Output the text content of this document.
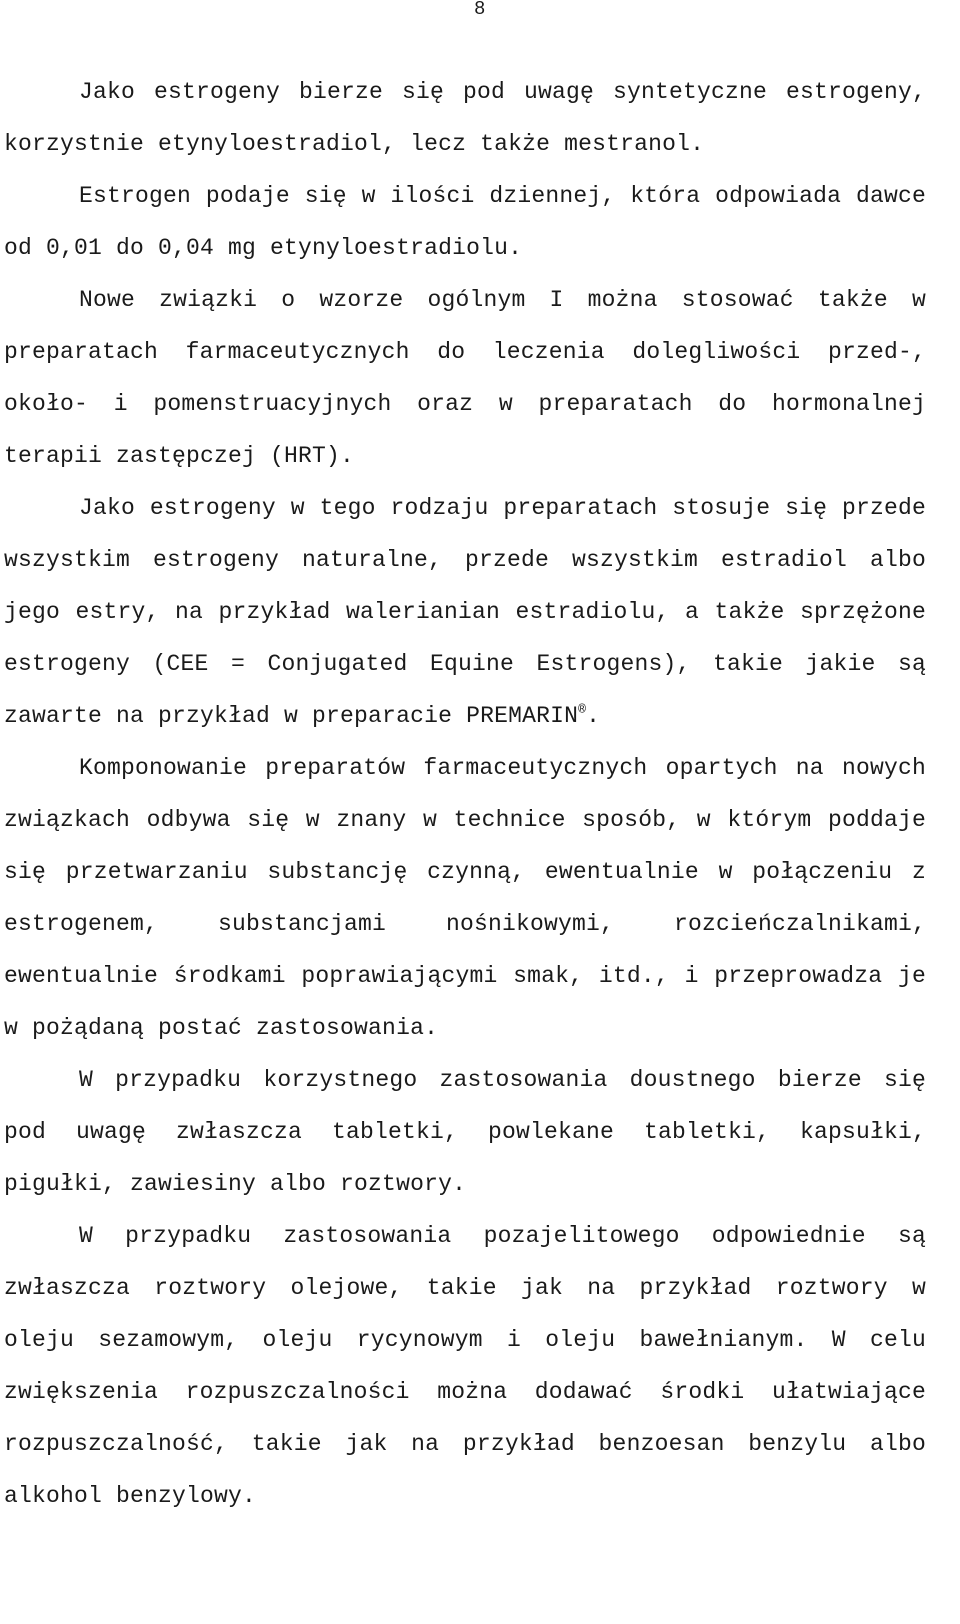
8

Jako estrogeny bierze się pod uwagę syntetyczne estrogeny, korzystnie etynyloestradiol, lecz także mestranol.

Estrogen podaje się w ilości dziennej, która odpowiada dawce od 0,01 do 0,04 mg etynyloestradiolu.

Nowe związki o wzorze ogólnym I można stosować także w preparatach farmaceutycznych do leczenia dolegliwości przed-, około- i pomenstruacyjnych oraz w preparatach do hormonalnej terapii zastępczej (HRT).

Jako estrogeny w tego rodzaju preparatach stosuje się przede wszystkim estrogeny naturalne, przede wszystkim estradiol albo jego estry, na przykład walerianian estradiolu, a także sprzężone estrogeny (CEE = Conjugated Equine Estrogens), takie jakie są zawarte na przykład w preparacie PREMARIN®.

Komponowanie preparatów farmaceutycznych opartych na nowych związkach odbywa się w znany w technice sposób, w którym poddaje się przetwarzaniu substancję czynną, ewentualnie w połączeniu z estrogenem, substancjami nośnikowymi, rozcieńczalnikami, ewentualnie środkami poprawiającymi smak, itd., i przeprowadza je w pożądaną postać zastosowania.

W przypadku korzystnego zastosowania doustnego bierze się pod uwagę zwłaszcza tabletki, powlekane tabletki, kapsułki, pigułki, zawiesiny albo roztwory.

W przypadku zastosowania pozajelitowego odpowiednie są zwłaszcza roztwory olejowe, takie jak na przykład roztwory w oleju sezamowym, oleju rycynowym i oleju bawełnianym. W celu zwiększenia rozpuszczalności można dodawać środki ułatwiające rozpuszczalność, takie jak na przykład benzoesan benzylu albo alkohol benzylowy.
